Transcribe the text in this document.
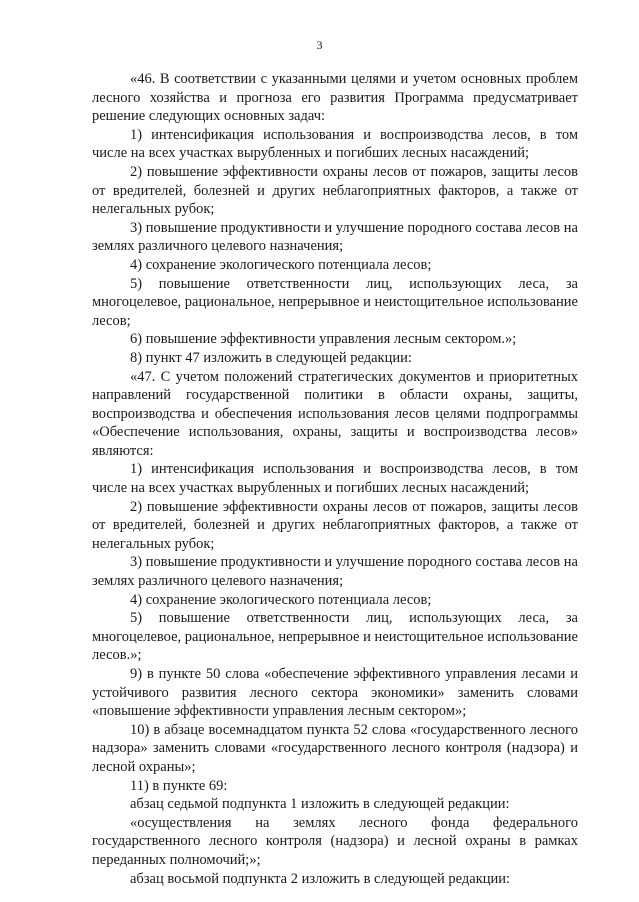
3

«46. В соответствии с указанными целями и учетом основных проблем лесного хозяйства и прогноза его развития Программа предусматривает решение следующих основных задач:

1) интенсификация использования и воспроизводства лесов, в том числе на всех участках вырубленных и погибших лесных насаждений;

2) повышение эффективности охраны лесов от пожаров, защиты лесов от вредителей, болезней и других неблагоприятных факторов, а также от нелегальных рубок;

3) повышение продуктивности и улучшение породного состава лесов на землях различного целевого назначения;

4) сохранение экологического потенциала лесов;

5) повышение ответственности лиц, использующих леса, за многоцелевое, рациональное, непрерывное и неистощительное использование лесов;

6) повышение эффективности управления лесным сектором.»;

8) пункт 47 изложить в следующей редакции:

«47. С учетом положений стратегических документов и приоритетных направлений государственной политики в области охраны, защиты, воспроизводства и обеспечения использования лесов целями подпрограммы «Обеспечение использования, охраны, защиты и воспроизводства лесов» являются:

1) интенсификация использования и воспроизводства лесов, в том числе на всех участках вырубленных и погибших лесных насаждений;

2) повышение эффективности охраны лесов от пожаров, защиты лесов от вредителей, болезней и других неблагоприятных факторов, а также от нелегальных рубок;

3) повышение продуктивности и улучшение породного состава лесов на землях различного целевого назначения;

4) сохранение экологического потенциала лесов;

5) повышение ответственности лиц, использующих леса, за многоцелевое, рациональное, непрерывное и неистощительное использование лесов.»;

9) в пункте 50 слова «обеспечение эффективного управления лесами и устойчивого развития лесного сектора экономики» заменить словами «повышение эффективности управления лесным сектором»;

10) в абзаце восемнадцатом пункта 52 слова «государственного лесного надзора» заменить словами «государственного лесного контроля (надзора) и лесной охраны»;

11) в пункте 69:

абзац седьмой подпункта 1 изложить в следующей редакции:

«осуществления на землях лесного фонда федерального государственного лесного контроля (надзора) и лесной охраны в рамках переданных полномочий;»;

абзац восьмой подпункта 2 изложить в следующей редакции:
